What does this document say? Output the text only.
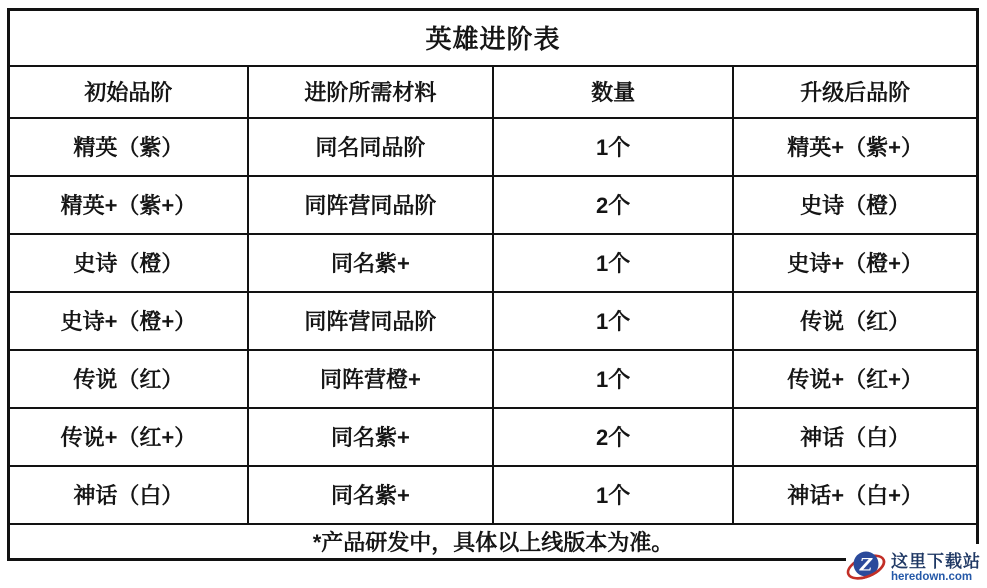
英雄进阶表			
初始品阶	进阶所需材料	数量	升级后品阶
精英（紫）	同名同品阶	1个	精英+（紫+）
精英+（紫+）	同阵营同品阶	2个	史诗（橙）
史诗（橙）	同名紫+	1个	史诗+（橙+）
史诗+（橙+）	同阵营同品阶	1个	传说（红）
传说（红）	同阵营橙+	1个	传说+（红+）
传说+（红+）	同名紫+	2个	神话（白）
神话（白）	同名紫+	1个	神话+（白+）
*产品研发中，具体以上线版本为准。			
Z 这里下载站
heredown.com
